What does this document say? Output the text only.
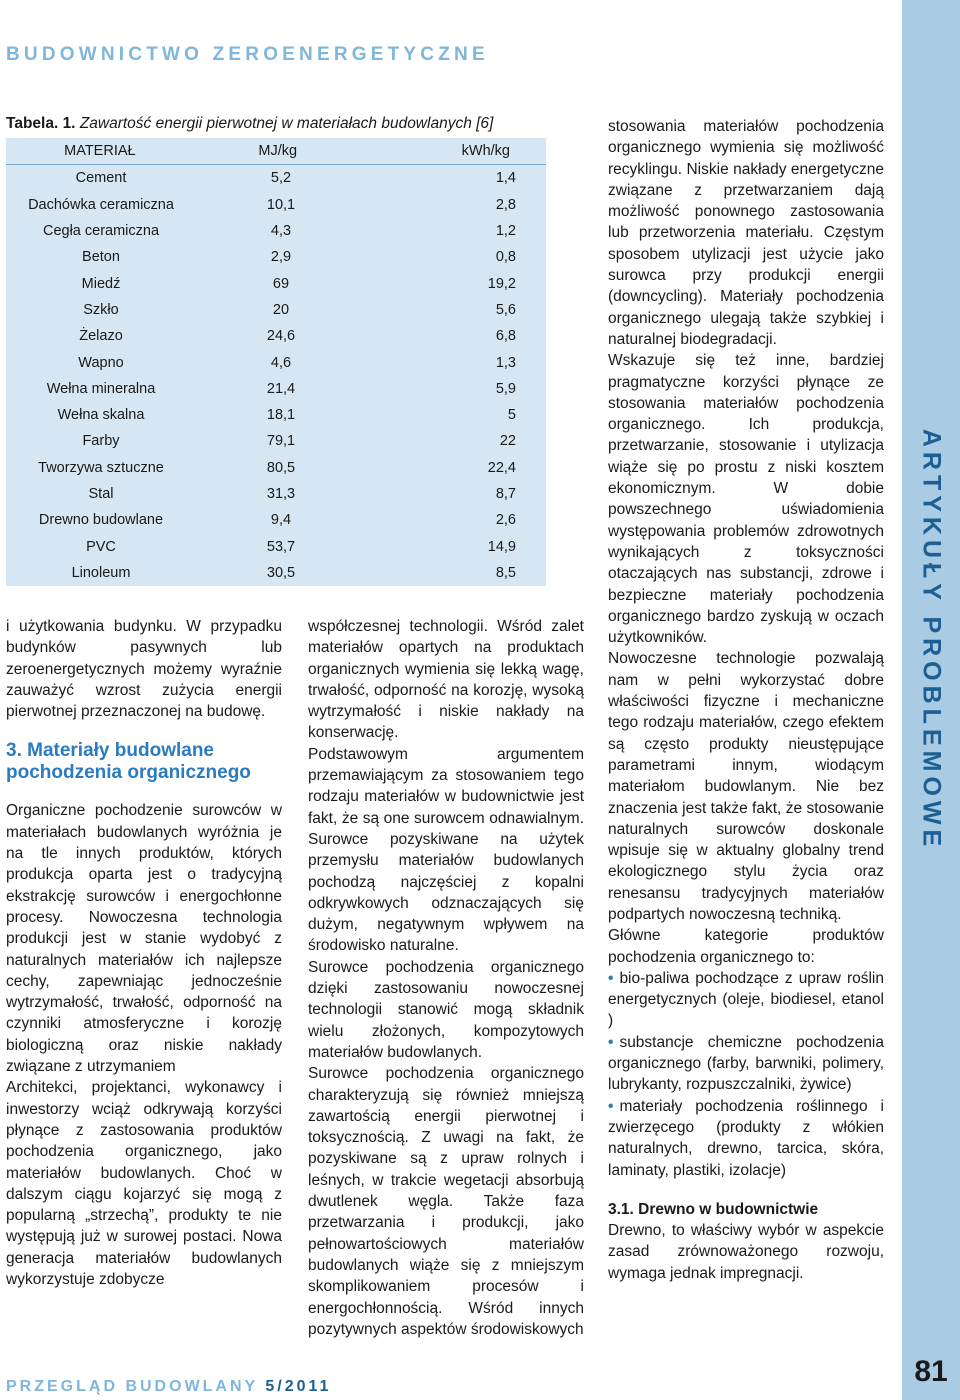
BUDOWNICTWO ZEROENERGETYCZNE
ARTYKUŁY PROBLEMOWE
81
PRZEGLĄD BUDOWLANY 5/2011
Tabela. 1. Zawartość energii pierwotnej w materiałach budowlanych [6]
MATERIAŁ	MJ/kg	kWh/kg
Cement	5,2	1,4
Dachówka ceramiczna	10,1	2,8
Cegła ceramiczna	4,3	1,2
Beton	2,9	0,8
Miedź	69	19,2
Szkło	20	5,6
Żelazo	24,6	6,8
Wapno	4,6	1,3
Wełna mineralna	21,4	5,9
Wełna skalna	18,1	5
Farby	79,1	22
Tworzywa sztuczne	80,5	22,4
Stal	31,3	8,7
Drewno budowlane	9,4	2,6
PVC	53,7	14,9
Linoleum	30,5	8,5

i użytkowania budynku. W przypadku budynków pasywnych lub zeroenergetycznych możemy wyraźnie zauważyć wzrost zużycia energii pierwotnej przeznaczonej na budowę.

3. Materiały budowlane pochodzenia organicznego

Organiczne pochodzenie surowców w materiałach budowlanych wyróżnia je na tle innych produktów, których produkcja oparta jest o tradycyjną ekstrakcję surowców i energochłonne procesy. Nowoczesna technologia produkcji jest w stanie wydobyć z naturalnych materiałów ich najlepsze cechy, zapewniając jednocześnie wytrzymałość, trwałość, odporność na czynniki atmosferyczne i korozję biologiczną oraz niskie nakłady związane z utrzymaniem

Architekci, projektanci, wykonawcy i inwestorzy wciąż odkrywają korzyści płynące z zastosowania produktów pochodzenia organicznego, jako materiałów budowlanych. Choć w dalszym ciągu kojarzyć się mogą z popularną „strzechą”, produkty te nie występują już w surowej postaci. Nowa generacja materiałów budowlanych wykorzystuje zdobycze

współczesnej technologii. Wśród zalet materiałów opartych na produktach organicznych wymienia się lekką wagę, trwałość, odporność na korozję, wysoką wytrzymałość i niskie nakłady na konserwację.

Podstawowym argumentem przemawiającym za stosowaniem tego rodzaju materiałów w budownictwie jest fakt, że są one surowcem odnawialnym. Surowce pozyskiwane na użytek przemysłu materiałów budowlanych pochodzą najczęściej z kopalni odkrywkowych odznaczających się dużym, negatywnym wpływem na środowisko naturalne.

Surowce pochodzenia organicznego dzięki zastosowaniu nowoczesnej technologii stanowić mogą składnik wielu złożonych, kompozytowych materiałów budowlanych.

Surowce pochodzenia organicznego charakteryzują się również mniejszą zawartością energii pierwotnej i toksycznością. Z uwagi na fakt, że pozyskiwane są z upraw rolnych i leśnych, w trakcie wegetacji absorbują dwutlenek węgla. Także faza przetwarzania i produkcji, jako pełnowartościowych materiałów budowlanych wiąże się z mniejszym skomplikowaniem procesów i energochłonnością. Wśród innych pozytywnych aspektów środowiskowych

stosowania materiałów pochodzenia organicznego wymienia się możliwość recyklingu. Niskie nakłady energetyczne związane z przetwarzaniem dają możliwość ponownego zastosowania lub przetworzenia materiału. Częstym sposobem utylizacji jest użycie jako surowca przy produkcji energii (downcycling). Materiały pochodzenia organicznego ulegają także szybkiej i naturalnej biodegradacji.

Wskazuje się też inne, bardziej pragmatyczne korzyści płynące ze stosowania materiałów pochodzenia organicznego. Ich produkcja, przetwarzanie, stosowanie i utylizacja wiąże się po prostu z niski kosztem ekonomicznym. W dobie powszechnego uświadomienia występowania problemów zdrowotnych wynikających z toksyczności otaczających nas substancji, zdrowe i bezpieczne materiały pochodzenia organicznego bardzo zyskują w oczach użytkowników.

Nowoczesne technologie pozwalają nam w pełni wykorzystać dobre właściwości fizyczne i mechaniczne tego rodzaju materiałów, czego efektem są często produkty nieustępujące parametrami innym, wiodącym materiałom budowlanym. Nie bez znaczenia jest także fakt, że stosowanie naturalnych surowców doskonale wpisuje się w aktualny globalny trend ekologicznego stylu życia oraz renesansu tradycyjnych materiałów podpartych nowoczesną techniką.

Główne kategorie produktów pochodzenia organicznego to:

• bio-paliwa pochodzące z upraw roślin energetycznych (oleje, biodiesel, etanol )

• substancje chemiczne pochodzenia organicznego (farby, barwniki, polimery, lubrykanty, rozpuszczalniki, żywice)

• materiały pochodzenia roślinnego i zwierzęcego (produkty z włókien naturalnych, drewno, tarcica, skóra, laminaty, plastiki, izolacje)

3.1. Drewno w budownictwie

Drewno, to właściwy wybór w aspekcie zasad zrównoważonego rozwoju, wymaga jednak impregnacji.
